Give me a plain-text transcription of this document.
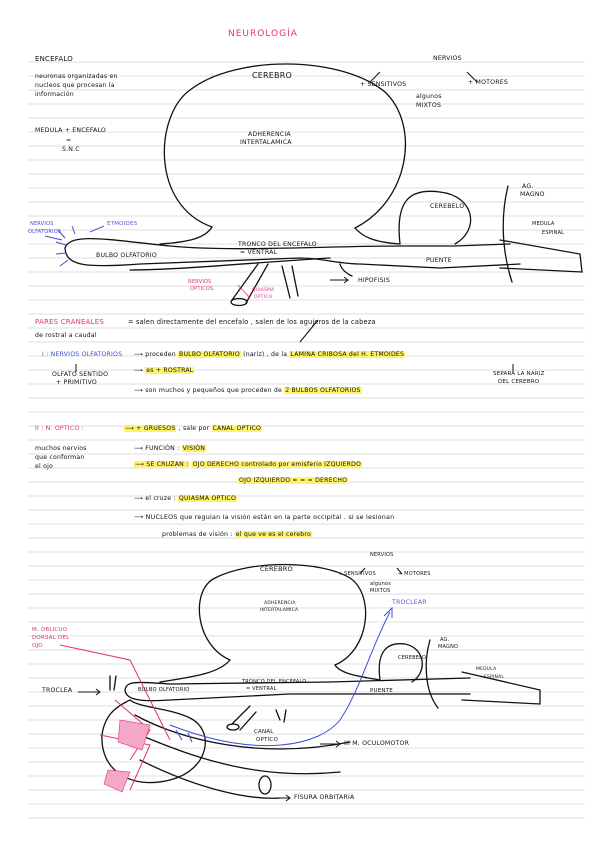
NEUROLOGÍA
ENCEFALO
neuronas organizadas en
nucleos que procesan la
información
MEDULA + ENCEFALO
=
S.N.C
NERVIOS
+ SENSITIVOS	+ MOTORES
algunos
MIXTOS
CEREBRO
ADHERENCIA
INTERTALAMICA
CEREBELO
AG.
MAGNO
MEDULA
ESPINAL
NERVIOS
OLFATORIOS
ETMOIDES
BULBO OLFATORIO
TRONCO DEL ENCEFALO
= VENTRAL
PUENTE
NERVIOS
OPTICOS	QUIASMA
OPTICO
HIPOFISIS
PARES CRANEALES	= salen directamente del encefalo , salen de los agujeros de la cabeza
de rostral a caudal
I : NERVIOS OLFATORIOS ⟶ proceden BULBO OLFATORIO (nariz) , de la LAMINA CRIBOSA del H. ETMOIDES
OLFATO SENTIDO
+ PRIMITIVO
⟶ es + ROSTRAL	SEPARA LA NARIZ
DEL CEREBRO
⟶ son muchos y pequeños que proceden de 2 BULBOS OLFATORIOS
II : N. OPTICO :	⟶ + GRUESOS , sale por CANAL OPTICO
muchos nervios
que conforman
el ojo
⟶ FUNCIÓN : VISIÓN
⟶ SE CRUZAN : OJO DERECHO controlado por emisferio IZQUIERDO
OJO IZQUIERDO = = = DERECHO
⟶ el cruze : QUIASMA OPTICO
⟶ NUCLEOS que regulan la visión están en la parte occipital . si se lesionan
problemas de visión : el que ve es el cerebro
CEREBRO
NERVIOS
+ SENSITIVOS	+ MOTORES
algunos
MIXTOS
ADHERENCIA
INTERTALAMICA
TROCLEAR
M. OBLICUO
DORSAL DEL
OJO
AG.
MAGNO
CEREBELO
MEDULA
ESPINAL
TROCLEA	BULBO OLFATORIO
TRONCO DEL ENCEFALO
= VENTRAL	PUENTE
CANAL
OPTICO	III M. OCULOMOTOR
FISURA ORBITARIA
